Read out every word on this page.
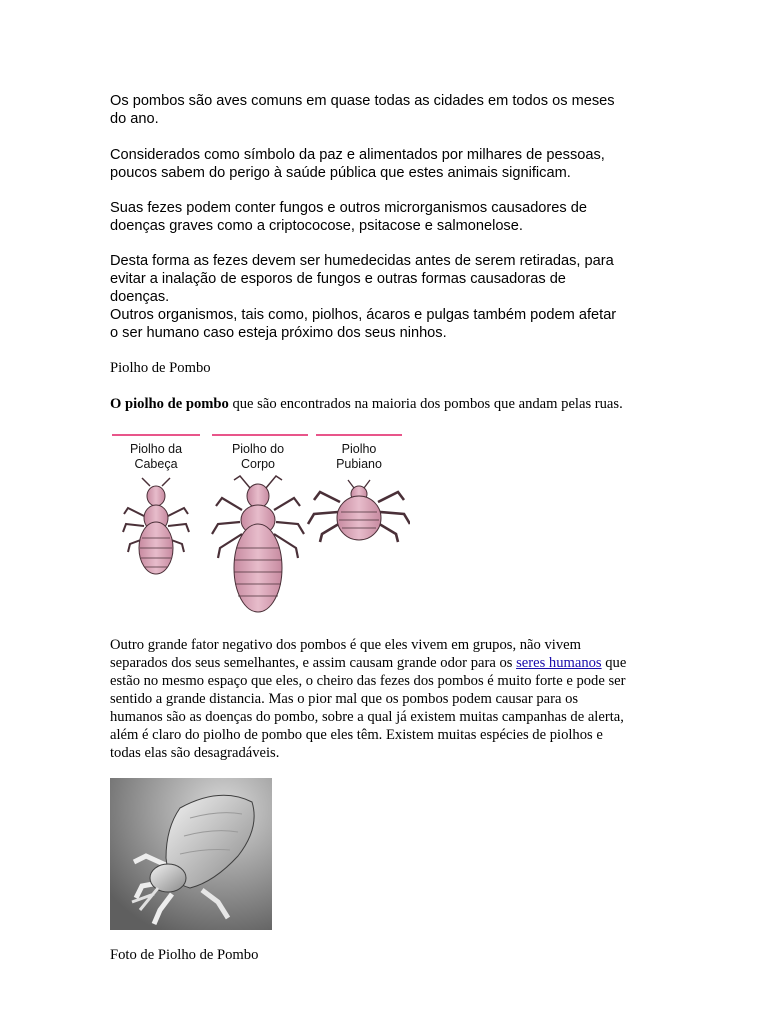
Os pombos são aves comuns em quase todas as cidades em todos os meses
do ano.

Considerados como símbolo da paz e alimentados por milhares de pessoas,
poucos sabem do perigo à saúde pública que estes animais significam.

Suas fezes podem conter fungos e outros microrganismos causadores de
doenças graves como a criptococose, psitacose e salmonelose.

Desta forma as fezes devem ser humedecidas antes de serem retiradas, para
evitar a inalação de esporos de fungos e outras formas causadoras de
doenças.
Outros organismos, tais como, piolhos, ácaros e pulgas também podem afetar
o ser humano caso esteja próximo dos seus ninhos.

Piolho de Pombo

O piolho de pombo que são encontrados na maioria dos pombos que andam pelas ruas.

Piolho da
Cabeça
Piolho do
Corpo
Piolho
Pubiano
Outro grande fator negativo dos pombos é que eles vivem em grupos, não vivem
separados dos seus semelhantes, e assim causam grande odor para os seres humanos que
estão no mesmo espaço que eles, o cheiro das fezes dos pombos é muito forte e pode ser
sentido a grande distancia. Mas o pior mal que os pombos podem causar para os
humanos são as doenças do pombo, sobre a qual já existem muitas campanhas de alerta,
além é claro do piolho de pombo que eles têm. Existem muitas espécies de piolhos e
todas elas são desagradáveis.

Foto de Piolho de Pombo
